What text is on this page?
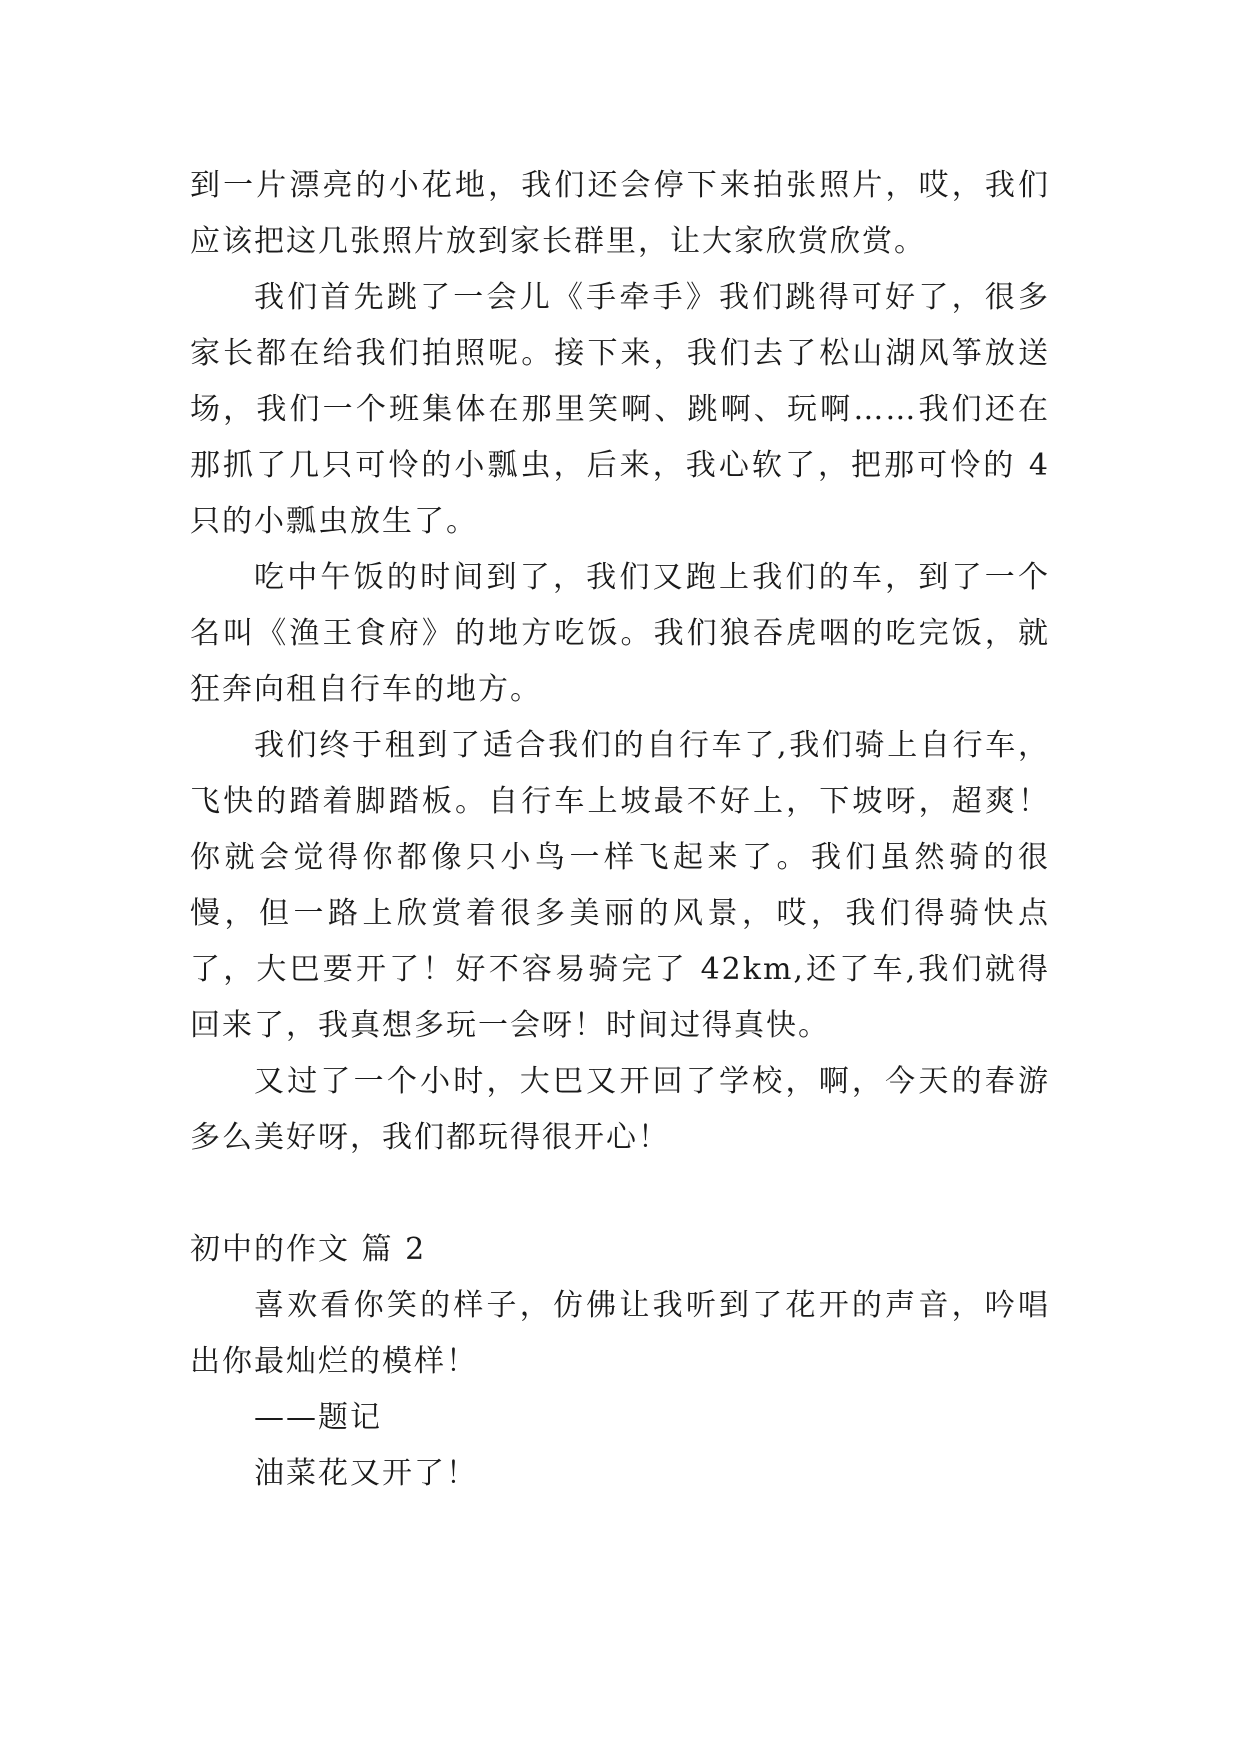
到一片漂亮的小花地，我们还会停下来拍张照片，哎，我们应该把这几张照片放到家长群里，让大家欣赏欣赏。

我们首先跳了一会儿《手牵手》我们跳得可好了，很多家长都在给我们拍照呢。接下来，我们去了松山湖风筝放送场，我们一个班集体在那里笑啊、跳啊、玩啊……我们还在那抓了几只可怜的小瓢虫，后来，我心软了，把那可怜的 4 只的小瓢虫放生了。

吃中午饭的时间到了，我们又跑上我们的车，到了一个名叫《渔王食府》的地方吃饭。我们狼吞虎咽的吃完饭，就狂奔向租自行车的地方。

我们终于租到了适合我们的自行车了,我们骑上自行车，飞快的踏着脚踏板。自行车上坡最不好上，下坡呀，超爽！你就会觉得你都像只小鸟一样飞起来了。我们虽然骑的很慢，但一路上欣赏着很多美丽的风景，哎，我们得骑快点了，大巴要开了！好不容易骑完了 42km,还了车,我们就得回来了，我真想多玩一会呀！时间过得真快。

又过了一个小时，大巴又开回了学校，啊，今天的春游多么美好呀，我们都玩得很开心！

初中的作文 篇 2

喜欢看你笑的样子，仿佛让我听到了花开的声音，吟唱出你最灿烂的模样！

——题记

油菜花又开了！
